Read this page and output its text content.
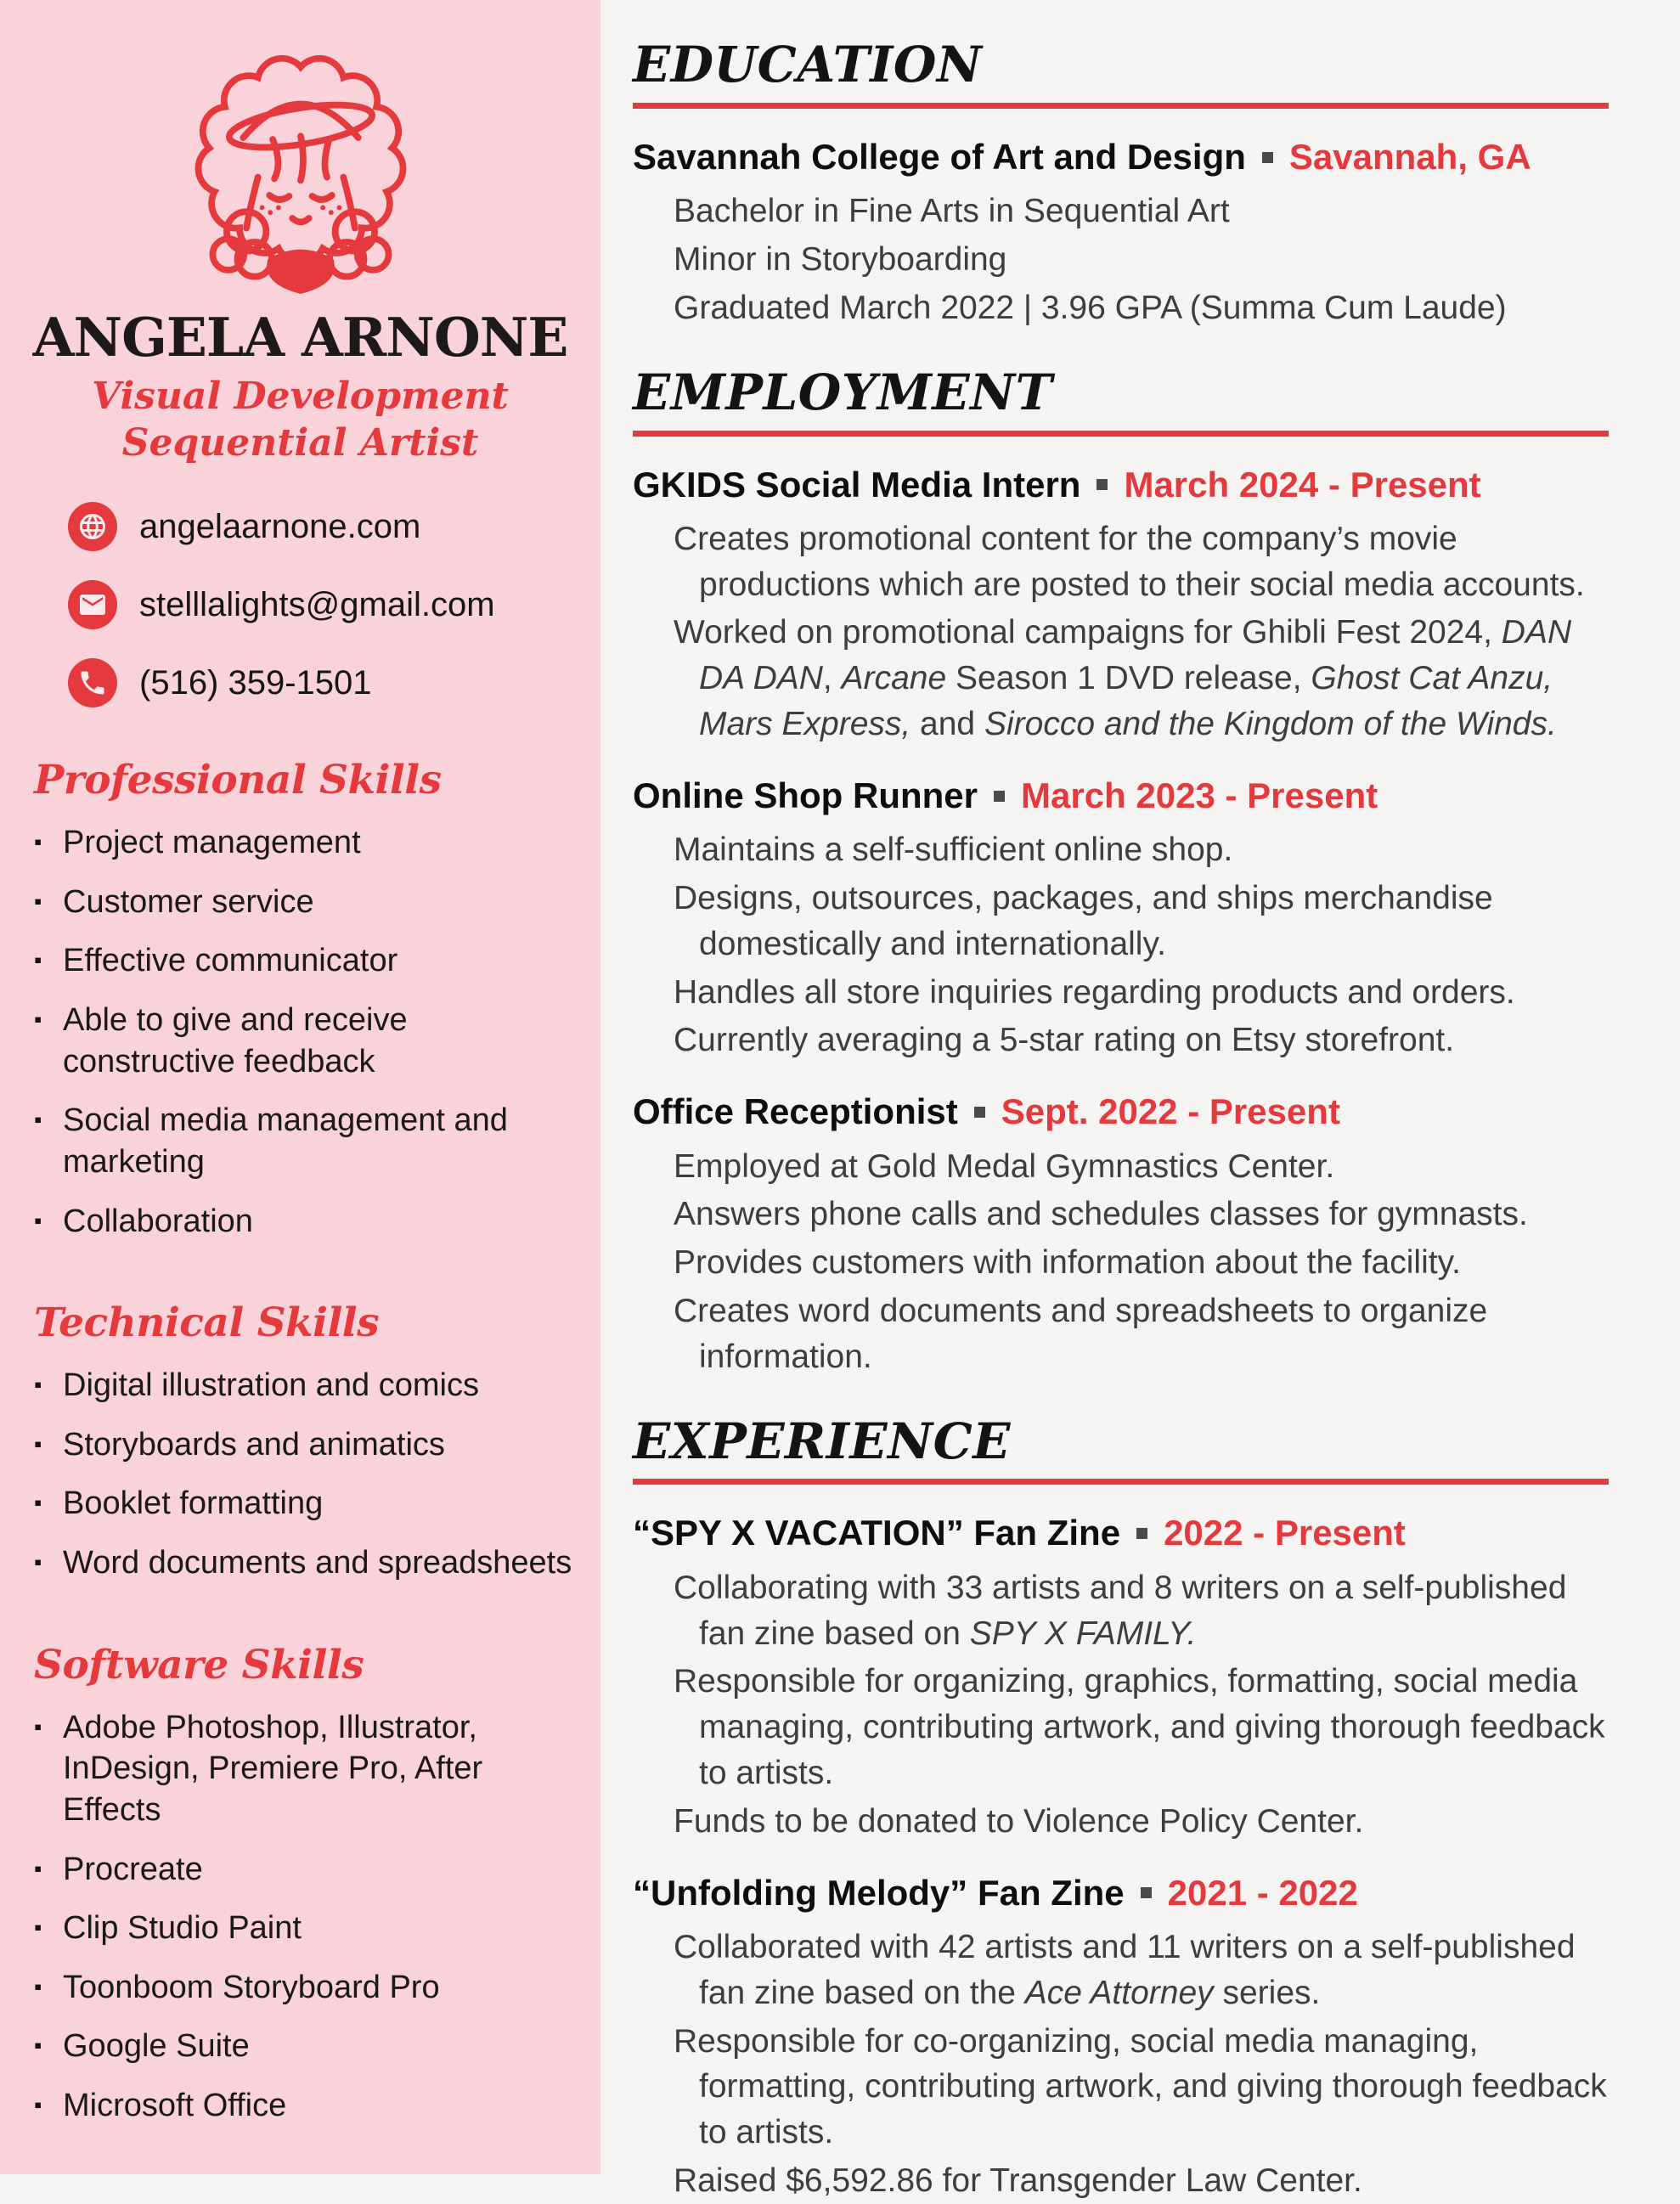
ANGELA ARNONE
Visual Development
Sequential Artist
angelaarnone.com
stelllalights@gmail.com
(516) 359-1501
Professional Skills
▪ Project management
▪ Customer service
▪ Effective communicator
▪ Able to give and receive constructive feedback
▪ Social media management and marketing
▪ Collaboration
Technical Skills
▪ Digital illustration and comics
▪ Storyboards and animatics
▪ Booklet formatting
▪ Word documents and spreadsheets
Software Skills
▪ Adobe Photoshop, Illustrator, InDesign, Premiere Pro, After Effects
▪ Procreate
▪ Clip Studio Paint
▪ Toonboom Storyboard Pro
▪ Google Suite
▪ Microsoft Office
EDUCATION
Savannah College of Art and Design Savannah, GA

Bachelor in Fine Arts in Sequential Art

Minor in Storyboarding

Graduated March 2022 | 3.96 GPA (Summa Cum Laude)

EMPLOYMENT
GKIDS Social Media Intern March 2024 - Present

Creates promotional content for the company’s movie productions which are posted to their social media accounts.

Worked on promotional campaigns for Ghibli Fest 2024, DAN DA DAN, Arcane Season 1 DVD release, Ghost Cat Anzu, Mars Express, and Sirocco and the Kingdom of the Winds.

Online Shop Runner March 2023 - Present

Maintains a self-sufficient online shop.

Designs, outsources, packages, and ships merchandise domestically and internationally.

Handles all store inquiries regarding products and orders.

Currently averaging a 5-star rating on Etsy storefront.

Office Receptionist Sept. 2022 - Present

Employed at Gold Medal Gymnastics Center.

Answers phone calls and schedules classes for gymnasts.

Provides customers with information about the facility.

Creates word documents and spreadsheets to organize information.

EXPERIENCE
“SPY X VACATION” Fan Zine 2022 - Present

Collaborating with 33 artists and 8 writers on a self-published fan zine based on SPY X FAMILY.

Responsible for organizing, graphics, formatting, social media managing, contributing artwork, and giving thorough feedback to artists.

Funds to be donated to Violence Policy Center.

“Unfolding Melody” Fan Zine 2021 - 2022

Collaborated with 42 artists and 11 writers on a self-published fan zine based on the Ace Attorney series.

Responsible for co-organizing, social media managing, formatting, contributing artwork, and giving thorough feedback to artists.

Raised $6,592.86 for Transgender Law Center.
